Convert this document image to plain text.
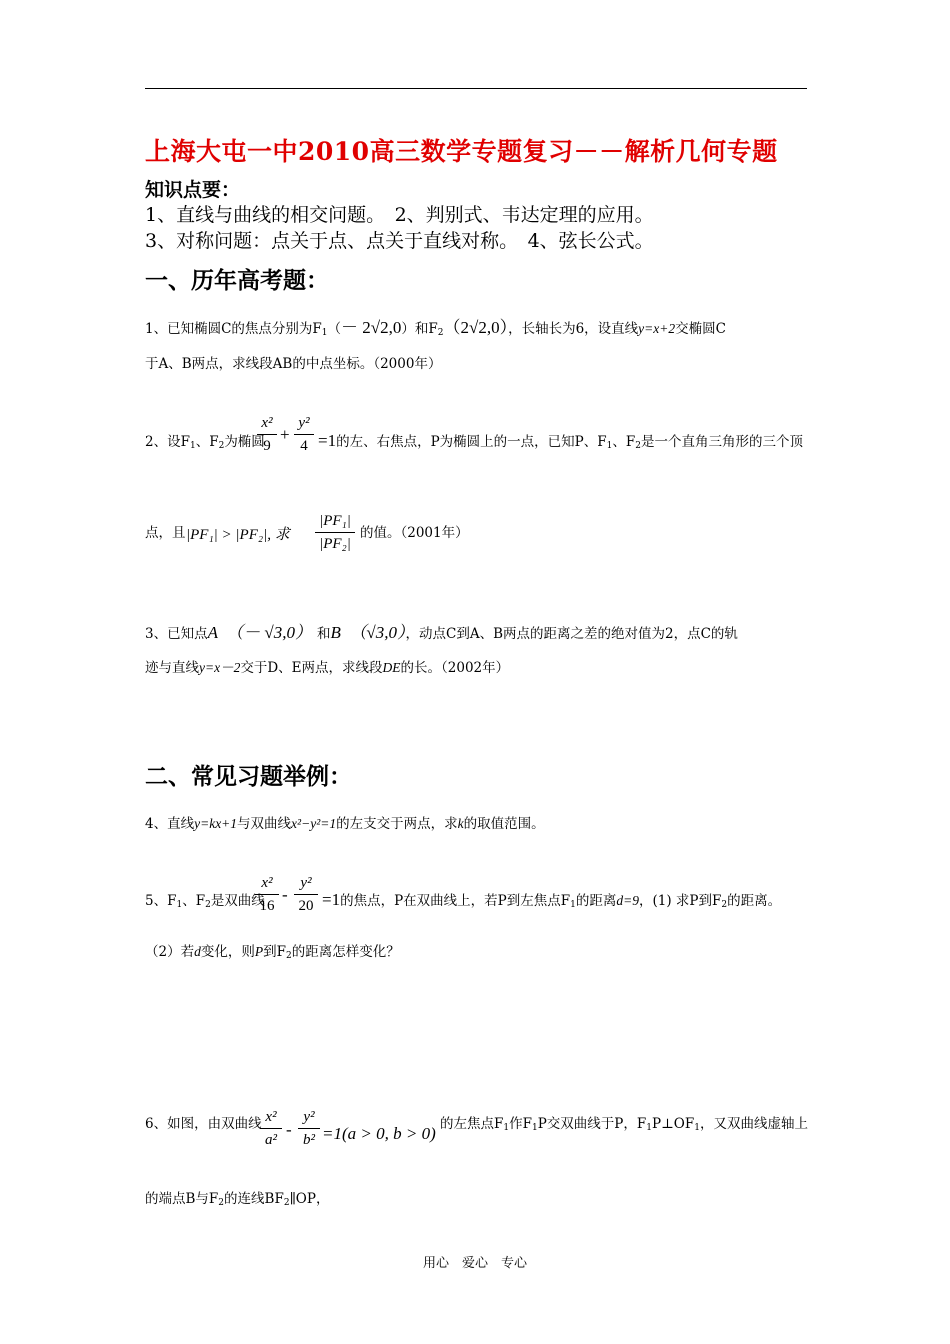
上海大屯一中2010高三数学专题复习－－解析几何专题
知识点要：
1、直线与曲线的相交问题。　2、判别式、韦达定理的应用。
3、对称问题：点关于点、点关于直线对称。　4、弦长公式。
一、历年高考题：
1、已知椭圆C的焦点分别为$F_1(- 2√2,0)$和$F_2(2√2,0)$，长轴长为6，设直线y=x+2交椭圆C
于A、B两点，求线段AB的中点坐标。（2000年）
2、设$F_1$、$F_2$为椭圆
x²
9
+
y²
4 =1的左、右焦点，P为椭圆上的一点，已知P、$F_1$、$F_2$是一个直角三角形的三个顶
点，且 |PF₁| > |PF₂|, 求
|PF₁|
|PF₂|
的值。（2001年）
3、已知点A　（－ √3,0）　 和B　（√3,0），动点C到A、B两点的距离之差的绝对值为2，点C的轨
迹与直线y=x－2交于D、E两点，求线段DE的长。（2002年）
二、常见习题举例：
4、直线y=kx+1与双曲线x²−y²=1的左支交于两点，求k的取值范围。
5、$F_1$、$F_2$是双曲线
x²
16
-
y²
20 =1的焦点，P在双曲线上，若P到左焦点$F_1$的距离d=9，(1) 求P到$F_2$的距离。
（2）若d变化，则P到$F_2$的距离怎样变化？
6、如图，由双曲线 x²
a²
-
y²
b² =1(a > 0, b > 0) 的左焦点$F_1$作$F_1P$交双曲线于P，$F_1P\perp OF_1$，又双曲线虚轴上
的端点B与$F_2$的连线$BF_2\parallel OP$，
用心　爱心　专心
